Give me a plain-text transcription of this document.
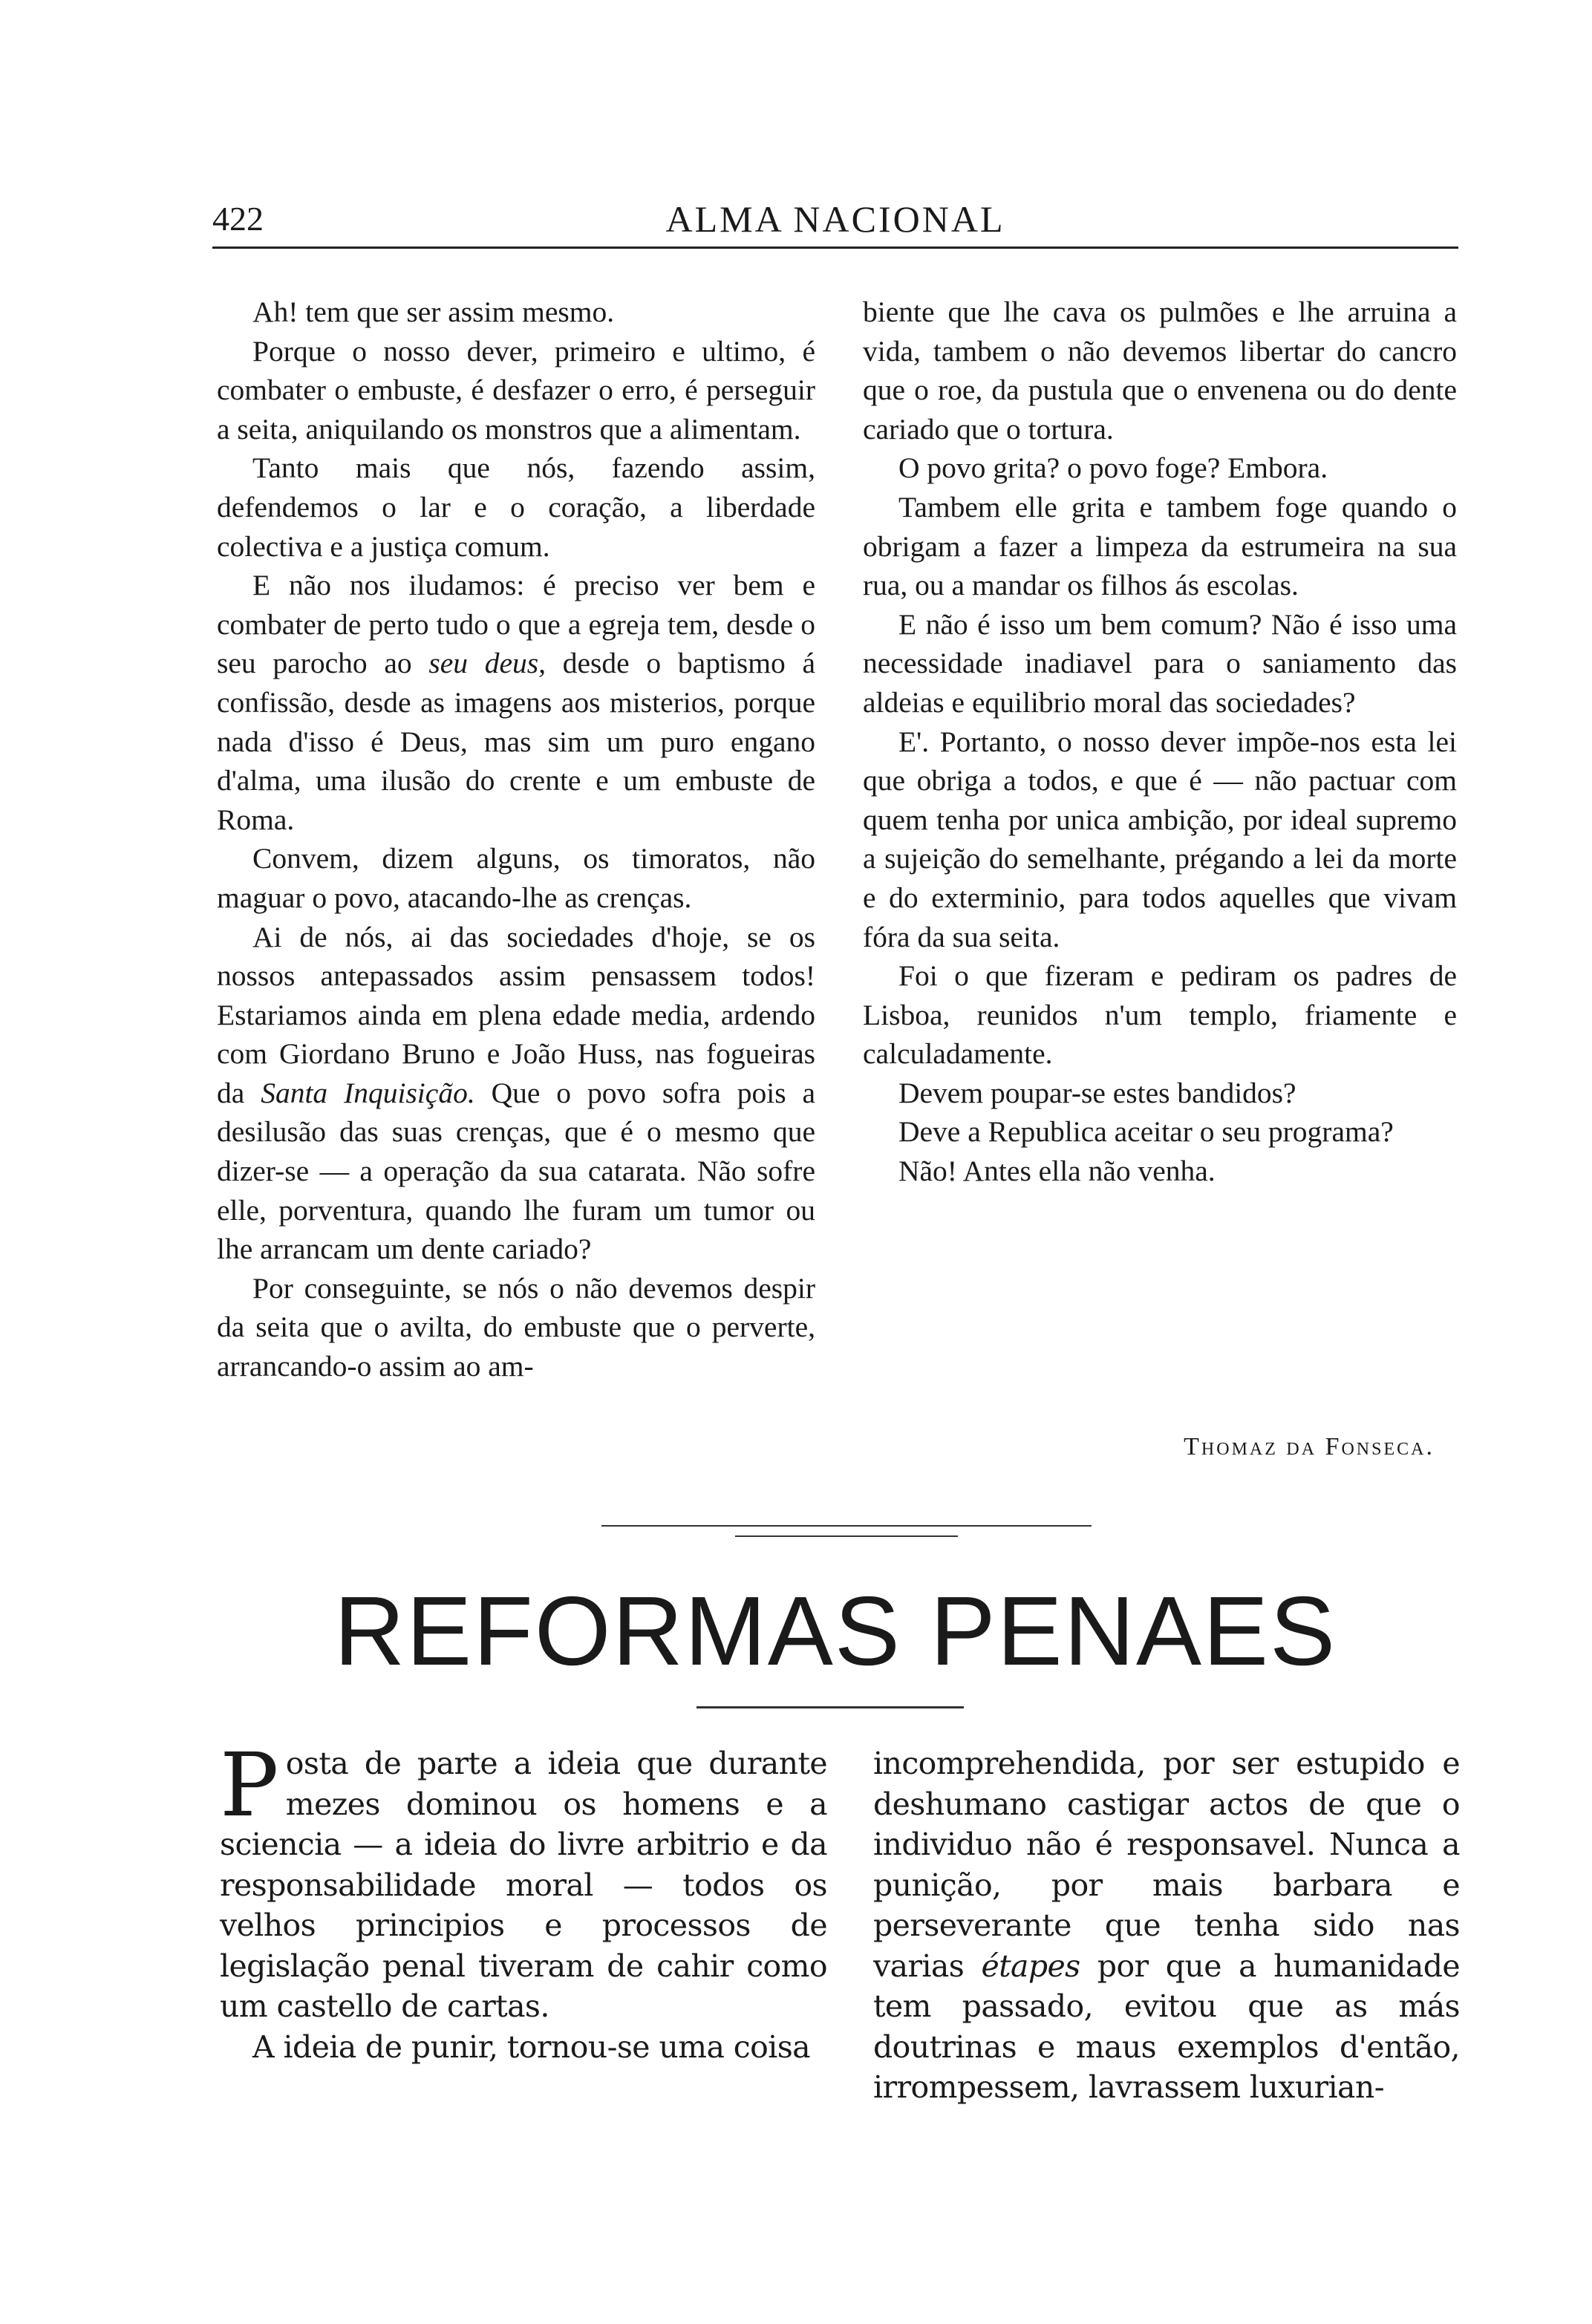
422	ALMA NACIONAL

Ah! tem que ser assim mesmo.

Porque o nosso dever, primeiro e ultimo, é combater o embuste, é desfazer o erro, é perseguir a seita, aniquilando os monstros que a alimentam.

Tanto mais que nós, fazendo assim, defendemos o lar e o coração, a liberdade colectiva e a justiça comum.

E não nos iludamos: é preciso ver bem e combater de perto tudo o que a egreja tem, desde o seu parocho ao seu deus, desde o baptismo á confissão, desde as imagens aos misterios, porque nada d'isso é Deus, mas sim um puro engano d'alma, uma ilusão do crente e um embuste de Roma.

Convem, dizem alguns, os timoratos, não maguar o povo, atacando-lhe as crenças.

Ai de nós, ai das sociedades d'hoje, se os nossos antepassados assim pensassem todos! Estariamos ainda em plena edade media, ardendo com Giordano Bruno e João Huss, nas fogueiras da Santa Inquisição. Que o povo sofra pois a desilusão das suas crenças, que é o mesmo que dizer-se — a operação da sua catarata. Não sofre elle, porventura, quando lhe furam um tumor ou lhe arrancam um dente cariado?

Por conseguinte, se nós o não devemos despir da seita que o avilta, do embuste que o perverte, arrancando-o assim ao am-

biente que lhe cava os pulmões e lhe arruina a vida, tambem o não devemos libertar do cancro que o roe, da pustula que o envenena ou do dente cariado que o tortura.

O povo grita? o povo foge? Embora.

Tambem elle grita e tambem foge quando o obrigam a fazer a limpeza da estrumeira na sua rua, ou a mandar os filhos ás escolas.

E não é isso um bem comum? Não é isso uma necessidade inadiavel para o saniamento das aldeias e equilibrio moral das sociedades?

E'. Portanto, o nosso dever impõe-nos esta lei que obriga a todos, e que é — não pactuar com quem tenha por unica ambição, por ideal supremo a sujeição do semelhante, prégando a lei da morte e do exterminio, para todos aquelles que vivam fóra da sua seita.

Foi o que fizeram e pediram os padres de Lisboa, reunidos n'um templo, friamente e calculadamente.

Devem poupar-se estes bandidos?

Deve a Republica aceitar o seu programa?

Não! Antes ella não venha.

Thomaz da Fonseca.
REFORMAS PENAES

Posta de parte a ideia que durante mezes dominou os homens e a sciencia — a ideia do livre arbitrio e da responsabilidade moral — todos os velhos principios e processos de legislação penal tiveram de cahir como um castello de cartas.

A ideia de punir, tornou-se uma coisa

incomprehendida, por ser estupido e deshumano castigar actos de que o individuo não é responsavel. Nunca a punição, por mais barbara e perseverante que tenha sido nas varias étapes por que a humanidade tem passado, evitou que as más doutrinas e maus exemplos d'então, irrompessem, lavrassem luxurian-
